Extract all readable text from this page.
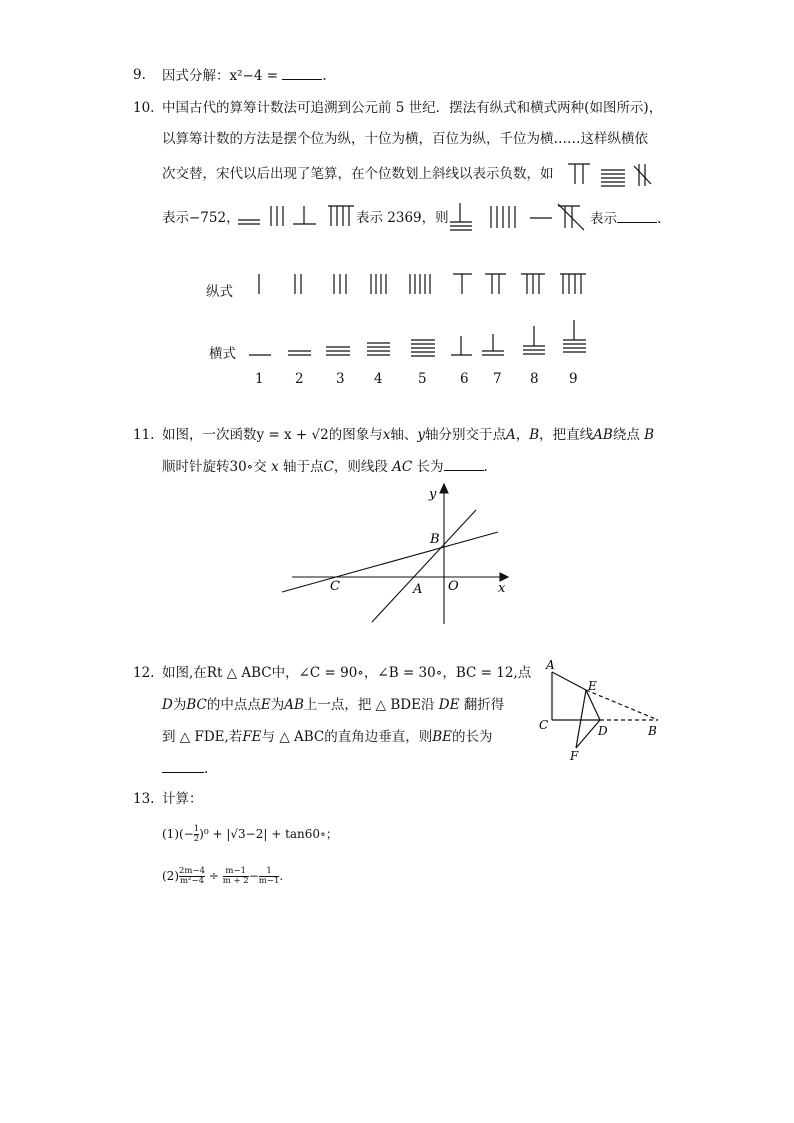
9. 因式分解：x²−4 =	.
10. 中国古代的算筹计数法可追溯到公元前 5 世纪．摆法有纵式和横式两种(如图所示)，
以算筹计数的方法是摆个位为纵，十位为横，百位为纵，千位为横……这样纵横依
次交替，宋代以后出现了笔算，在个位数划上斜线以表示负数，如
表示−752，	表示 2369，则	表示	.
纵式
横式
1 2 3 4	5 6 7 8 9
11. 如图，一次函数y = x + √2的图象与x轴、y轴分别交于点A，B，把直线AB绕点 B
顺时针旋转30∘交 x 轴于点C，则线段 AC 长为	.
y
x
B
C	A O
12. 如图,在Rt △ ABC中，∠C = 90∘，∠B = 30∘，BC = 12,点
D为BC的中点点E为AB上一点，把 △ BDE沿 DE 翻折得
到 △ FDE,若FE与 △ ABC的直角边垂直，则BE的长为
.
A
E
C	D	B
F
13. 计算：
$(1)(- \frac{1}{2} )^0 + |√3-2|$ + tan60∘；
$(2) \frac{2m-4}{\text{m²−4}} \div \frac{m-1}{m + 2} - \frac{1}{m-1}$ .
